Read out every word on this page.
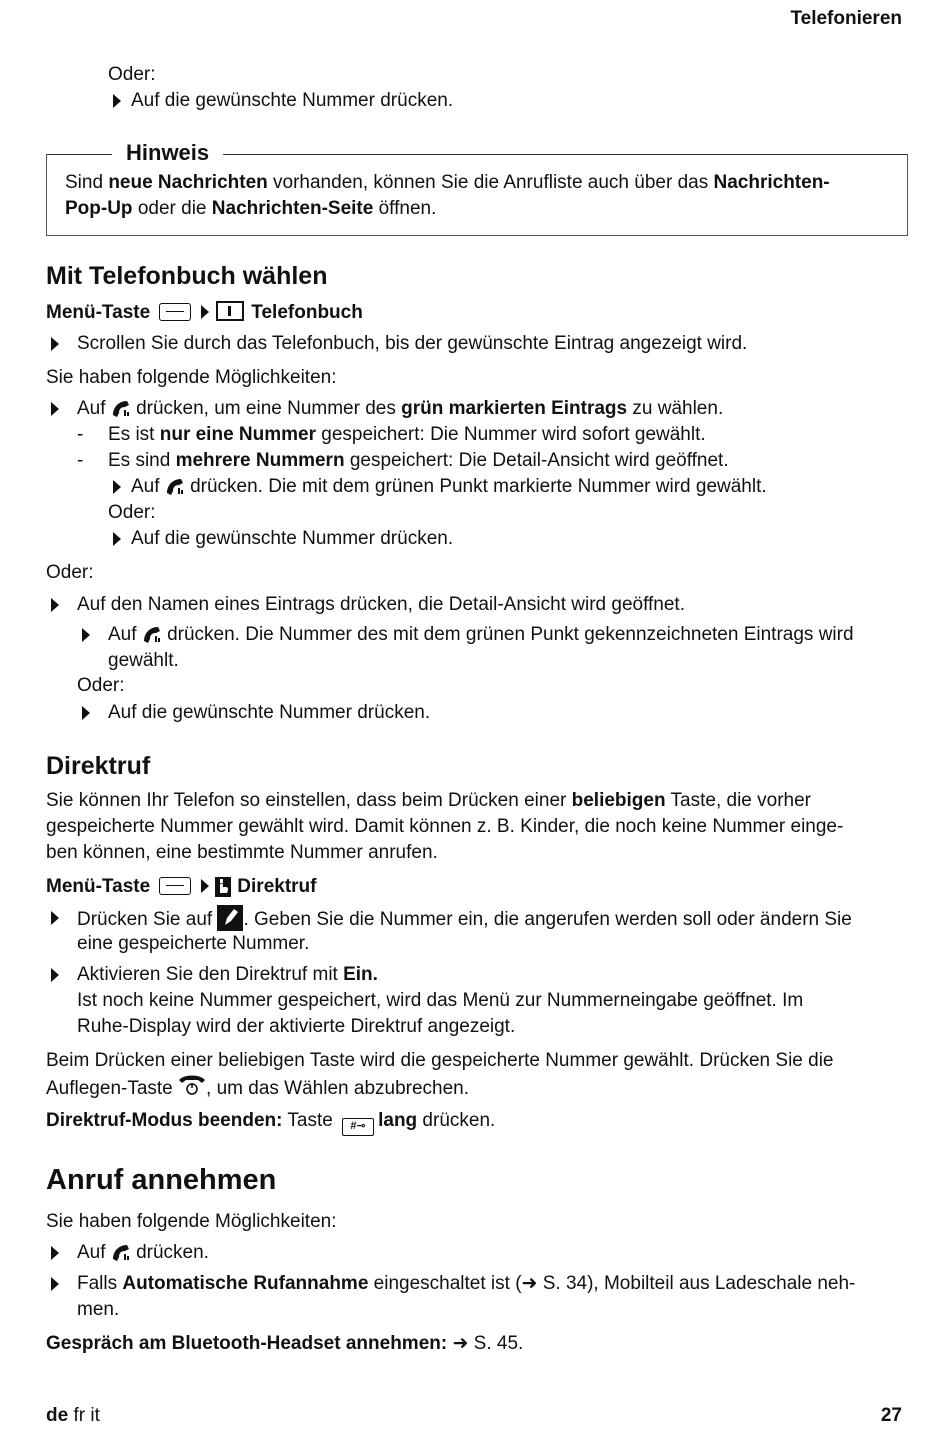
Telefonieren
Oder:
Auf die gewünschte Nummer drücken.
Hinweis
Sind neue Nachrichten vorhanden, können Sie die Anrufliste auch über das Nachrichten-
Pop-Up oder die Nachrichten-Seite öffnen.
Mit Telefonbuch wählen
Menü-Taste	Telefonbuch
Scrollen Sie durch das Telefonbuch, bis der gewünschte Eintrag angezeigt wird.
Sie haben folgende Möglichkeiten:
Auf  drücken, um eine Nummer des grün markierten Eintrags zu wählen.
- Es ist nur eine Nummer gespeichert: Die Nummer wird sofort gewählt.
- Es sind mehrere Nummern gespeichert: Die Detail-Ansicht wird geöffnet.
Auf  drücken. Die mit dem grünen Punkt markierte Nummer wird gewählt.
Oder:
Auf die gewünschte Nummer drücken.
Oder:
Auf den Namen eines Eintrags drücken, die Detail-Ansicht wird geöffnet.
Auf  drücken. Die Nummer des mit dem grünen Punkt gekennzeichneten Eintrags wird
gewählt.
Oder:
Auf die gewünschte Nummer drücken.
Direktruf
Sie können Ihr Telefon so einstellen, dass beim Drücken einer beliebigen Taste, die vorher
gespeicherte Nummer gewählt wird. Damit können z. B. Kinder, die noch keine Nummer einge-
ben können, eine bestimmte Nummer anrufen.
Menü-Taste	Direktruf
Drücken Sie auf . Geben Sie die Nummer ein, die angerufen werden soll oder ändern Sie
eine gespeicherte Nummer.
Aktivieren Sie den Direktruf mit Ein.
Ist noch keine Nummer gespeichert, wird das Menü zur Nummerneingabe geöffnet. Im
Ruhe-Display wird der aktivierte Direktruf angezeigt.
Beim Drücken einer beliebigen Taste wird die gespeicherte Nummer gewählt. Drücken Sie die
Auflegen-Taste , um das Wählen abzubrechen.
Direktruf-Modus beenden: Taste #⊸ lang drücken.
Anruf annehmen
Sie haben folgende Möglichkeiten:
Auf  drücken.
Falls Automatische Rufannahme eingeschaltet ist (➜ S. 34), Mobilteil aus Ladeschale neh-
men.
Gespräch am Bluetooth-Headset annehmen: ➜ S. 45.
de fr it	27
